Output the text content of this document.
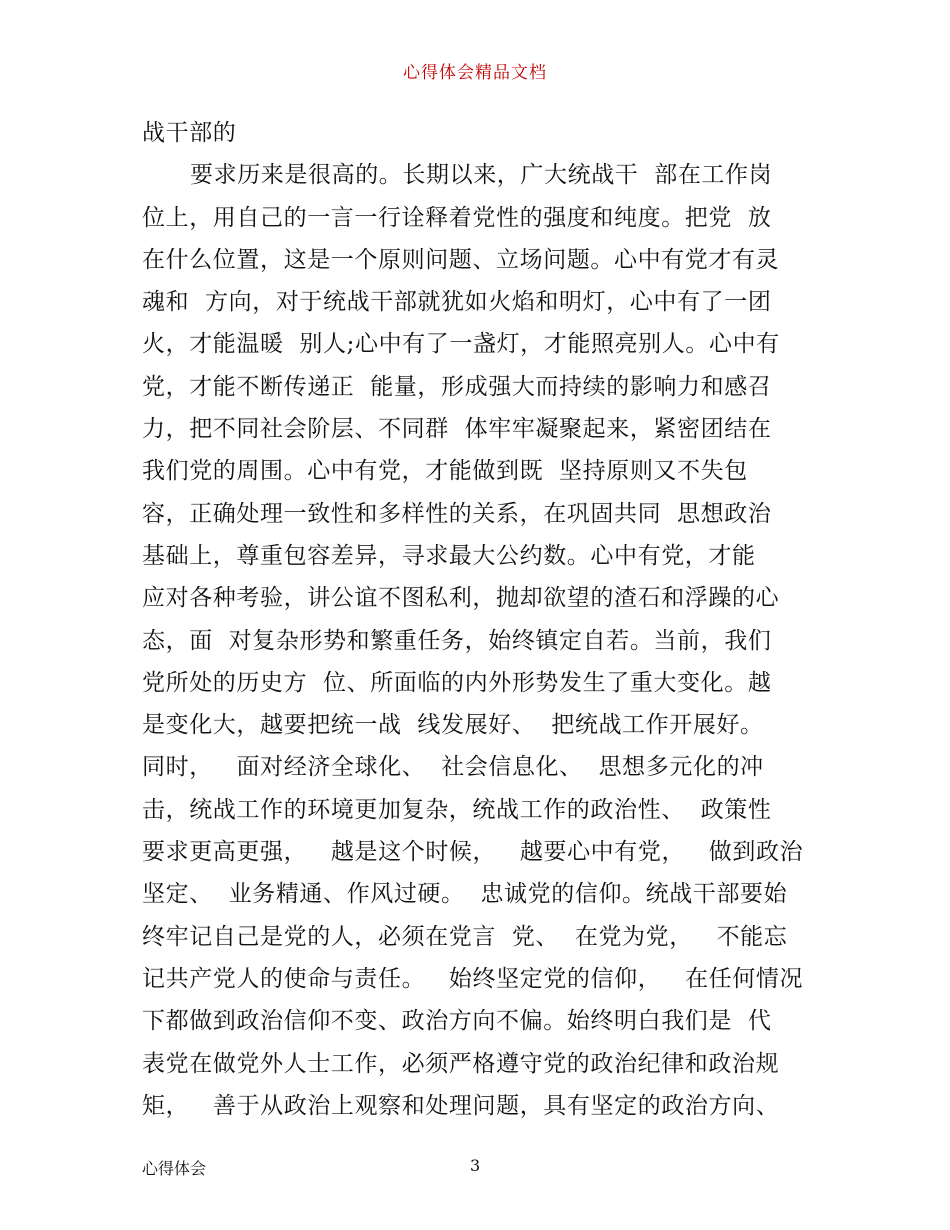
心得体会精品文档
战干部的
要求历来是很高的。长期以来，广大统战干  部在工作岗
位上，用自己的一言一行诠释着党性的强度和纯度。把党  放
在什么位置，这是一个原则问题、立场问题。心中有党才有灵
魂和  方向，对于统战干部就犹如火焰和明灯，心中有了一团
火，才能温暖  别人;心中有了一盏灯，才能照亮别人。心中有
党，才能不断传递正  能量，形成强大而持续的影响力和感召
力，把不同社会阶层、不同群  体牢牢凝聚起来，紧密团结在
我们党的周围。心中有党，才能做到既  坚持原则又不失包
容，正确处理一致性和多样性的关系，在巩固共同  思想政治
基础上，尊重包容差异，寻求最大公约数。心中有党，才能
应对各种考验，讲公谊不图私利，抛却欲望的渣石和浮躁的心
态，面  对复杂形势和繁重任务，始终镇定自若。当前，我们
党所处的历史方  位、所面临的内外形势发生了重大变化。越
是变化大，越要把统一战  线发展好、  把统战工作开展好。
同时，   面对经济全球化、  社会信息化、  思想多元化的冲
击，统战工作的环境更加复杂，统战工作的政治性、  政策性
要求更高更强，   越是这个时候，   越要心中有党，   做到政治
坚定、  业务精通、作风过硬。  忠诚党的信仰。统战干部要始
终牢记自己是党的人，必须在党言  党、  在党为党，   不能忘
记共产党人的使命与责任。   始终坚定党的信仰，   在任何情况
下都做到政治信仰不变、政治方向不偏。始终明白我们是  代
表党在做党外人士工作，必须严格遵守党的政治纪律和政治规
矩，   善于从政治上观察和处理问题，具有坚定的政治方向、
心得体会	3
